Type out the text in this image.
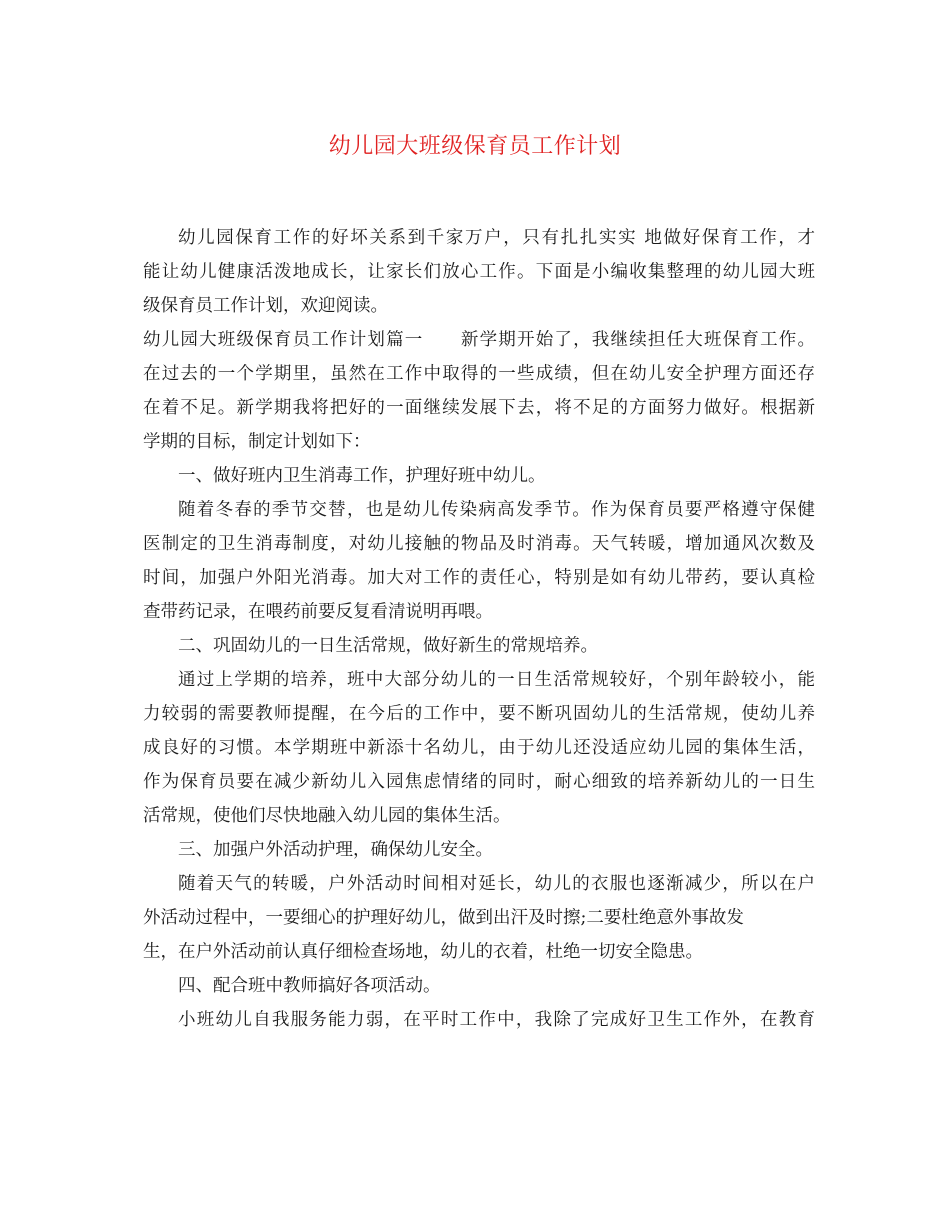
幼儿园大班级保育员工作计划
幼儿园保育工作的好坏关系到千家万户，只有扎扎实实 地做好保育工作，才
能让幼儿健康活泼地成长，让家长们放心工作。下面是小编收集整理的幼儿园大班
级保育员工作计划，欢迎阅读。
幼儿园大班级保育员工作计划篇一　　新学期开始了，我继续担任大班保育工作。
在过去的一个学期里，虽然在工作中取得的一些成绩，但在幼儿安全护理方面还存
在着不足。新学期我将把好的一面继续发展下去，将不足的方面努力做好。根据新
学期的目标，制定计划如下：
一、做好班内卫生消毒工作，护理好班中幼儿。
随着冬春的季节交替，也是幼儿传染病高发季节。作为保育员要严格遵守保健
医制定的卫生消毒制度，对幼儿接触的物品及时消毒。天气转暖，增加通风次数及
时间，加强户外阳光消毒。加大对工作的责任心，特别是如有幼儿带药，要认真检
查带药记录，在喂药前要反复看清说明再喂。
二、巩固幼儿的一日生活常规，做好新生的常规培养。
通过上学期的培养，班中大部分幼儿的一日生活常规较好，个别年龄较小，能
力较弱的需要教师提醒，在今后的工作中，要不断巩固幼儿的生活常规，使幼儿养
成良好的习惯。本学期班中新添十名幼儿，由于幼儿还没适应幼儿园的集体生活，
作为保育员要在减少新幼儿入园焦虑情绪的同时，耐心细致的培养新幼儿的一日生
活常规，使他们尽快地融入幼儿园的集体生活。
三、加强户外活动护理，确保幼儿安全。
随着天气的转暖，户外活动时间相对延长，幼儿的衣服也逐渐减少，所以在户
外活动过程中，一要细心的护理好幼儿，做到出汗及时擦;二要杜绝意外事故发
生，在户外活动前认真仔细检查场地，幼儿的衣着，杜绝一切安全隐患。
四、配合班中教师搞好各项活动。
小班幼儿自我服务能力弱，在平时工作中，我除了完成好卫生工作外，在教育
